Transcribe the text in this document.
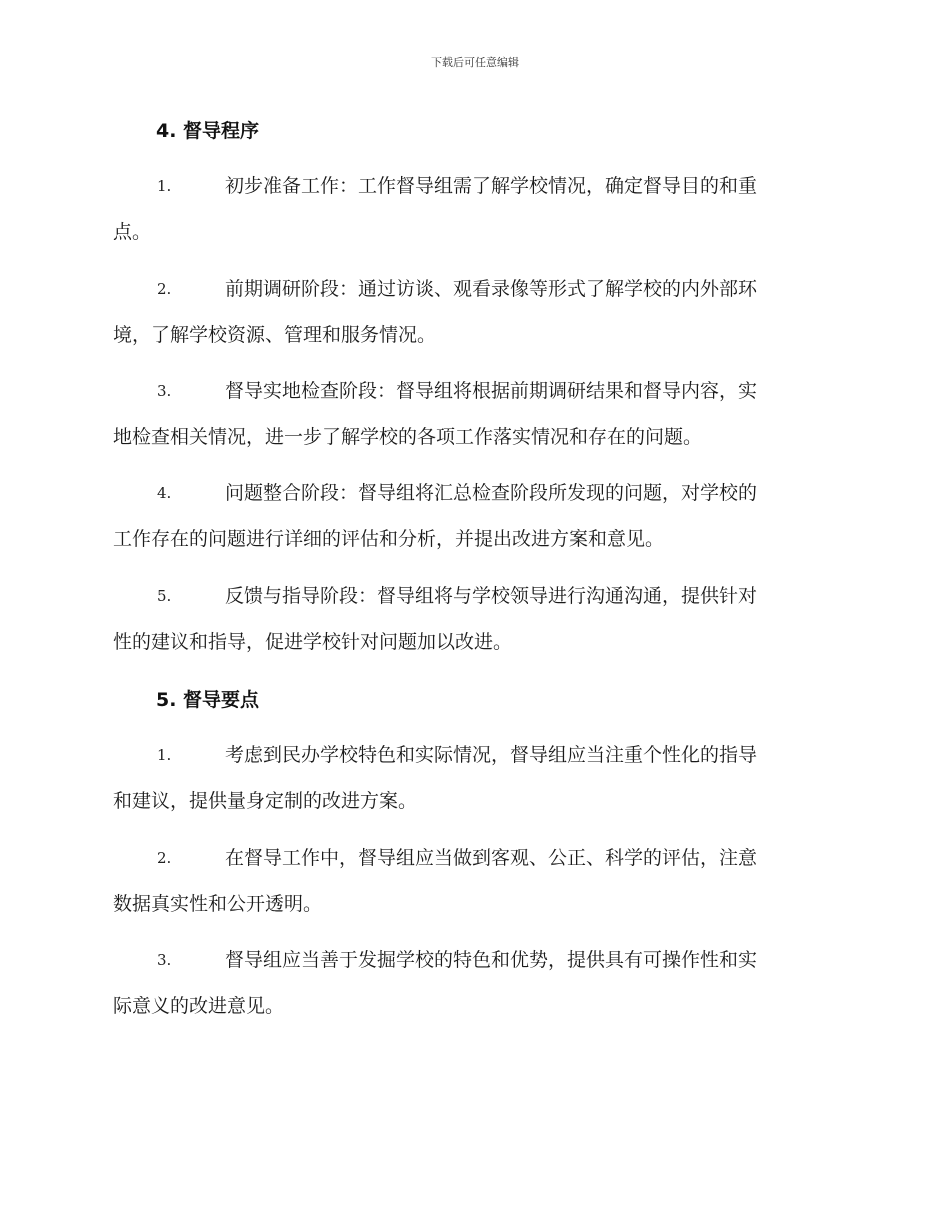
下载后可任意编辑
4. 督导程序
1.	初步准备工作：工作督导组需了解学校情况，确定督导目的和重
点。
2.	前期调研阶段：通过访谈、观看录像等形式了解学校的内外部环
境，了解学校资源、管理和服务情况。
3.	督导实地检查阶段：督导组将根据前期调研结果和督导内容，实
地检查相关情况，进一步了解学校的各项工作落实情况和存在的问题。
4.	问题整合阶段：督导组将汇总检查阶段所发现的问题，对学校的
工作存在的问题进行详细的评估和分析，并提出改进方案和意见。
5.	反馈与指导阶段：督导组将与学校领导进行沟通沟通，提供针对
性的建议和指导，促进学校针对问题加以改进。
5. 督导要点
1.	考虑到民办学校特色和实际情况，督导组应当注重个性化的指导
和建议，提供量身定制的改进方案。
2.	在督导工作中，督导组应当做到客观、公正、科学的评估，注意
数据真实性和公开透明。
3.	督导组应当善于发掘学校的特色和优势，提供具有可操作性和实
际意义的改进意见。
